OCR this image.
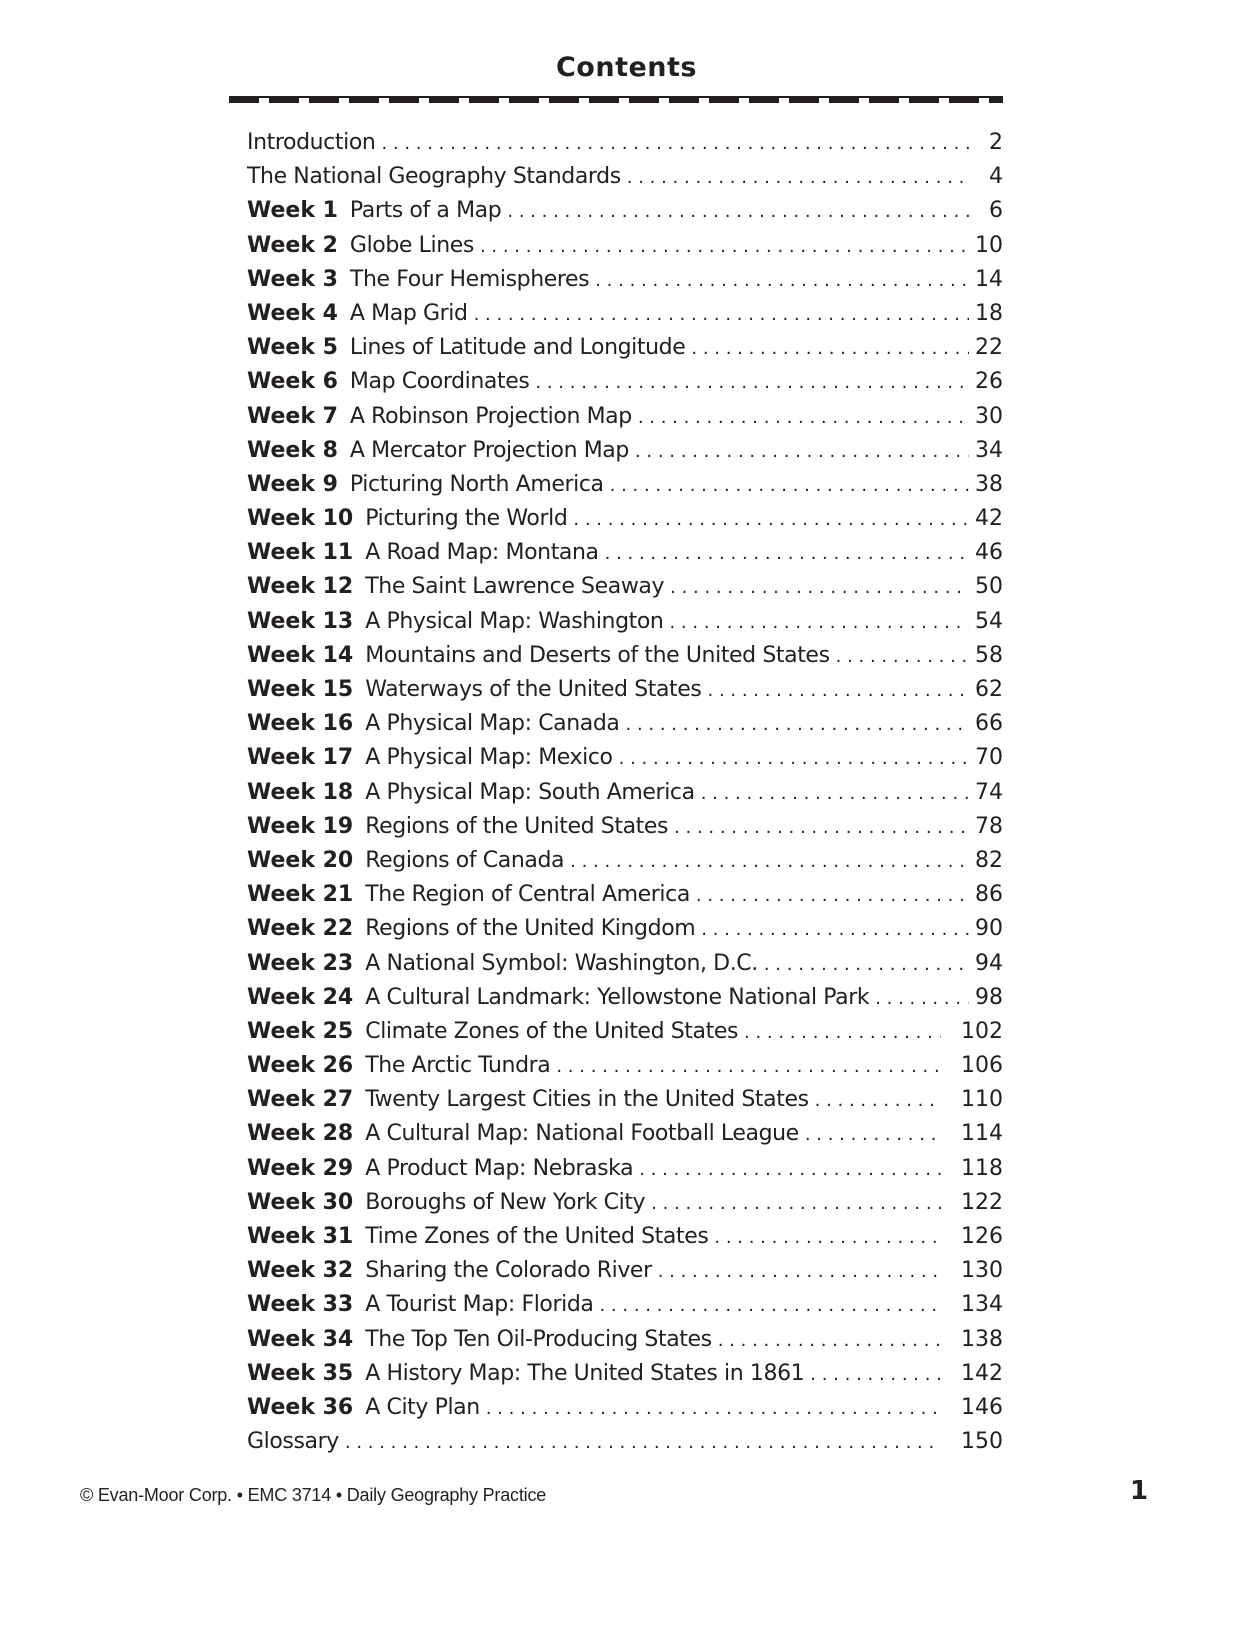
Contents
Introduction . . .	2
The National Geography Standards . . .	4
Week 1 Parts of a Map . . .	6
Week 2 Globe Lines . . .	10
Week 3 The Four Hemispheres . . .	14
Week 4 A Map Grid . . .	18
Week 5 Lines of Latitude and Longitude . . .	22
Week 6 Map Coordinates . . .	26
Week 7 A Robinson Projection Map . . .	30
Week 8 A Mercator Projection Map . . .	34
Week 9 Picturing North America . . .	38
Week 10 Picturing the World . . .	42
Week 11 A Road Map: Montana . . .	46
Week 12 The Saint Lawrence Seaway . . .	50
Week 13 A Physical Map: Washington . . .	54
Week 14 Mountains and Deserts of the United States . . .	58
Week 15 Waterways of the United States . . .	62
Week 16 A Physical Map: Canada . . .	66
Week 17 A Physical Map: Mexico . . .	70
Week 18 A Physical Map: South America . . .	74
Week 19 Regions of the United States . . .	78
Week 20 Regions of Canada . . .	82
Week 21 The Region of Central America . . .	86
Week 22 Regions of the United Kingdom . . .	90
Week 23 A National Symbol: Washington, D.C. . . .	94
Week 24 A Cultural Landmark: Yellowstone National Park . . .	98
Week 25 Climate Zones of the United States . . .	102
Week 26 The Arctic Tundra . . .	106
Week 27 Twenty Largest Cities in the United States . . .	110
Week 28 A Cultural Map: National Football League . . .	114
Week 29 A Product Map: Nebraska . . .	118
Week 30 Boroughs of New York City . . .	122
Week 31 Time Zones of the United States . . .	126
Week 32 Sharing the Colorado River . . .	130
Week 33 A Tourist Map: Florida . . .	134
Week 34 The Top Ten Oil-Producing States . . .	138
Week 35 A History Map: The United States in 1861 . . .	142
Week 36 A City Plan . . .	146
Glossary . . .	150
© Evan-Moor Corp. • EMC 3714 • Daily Geography Practice	1
